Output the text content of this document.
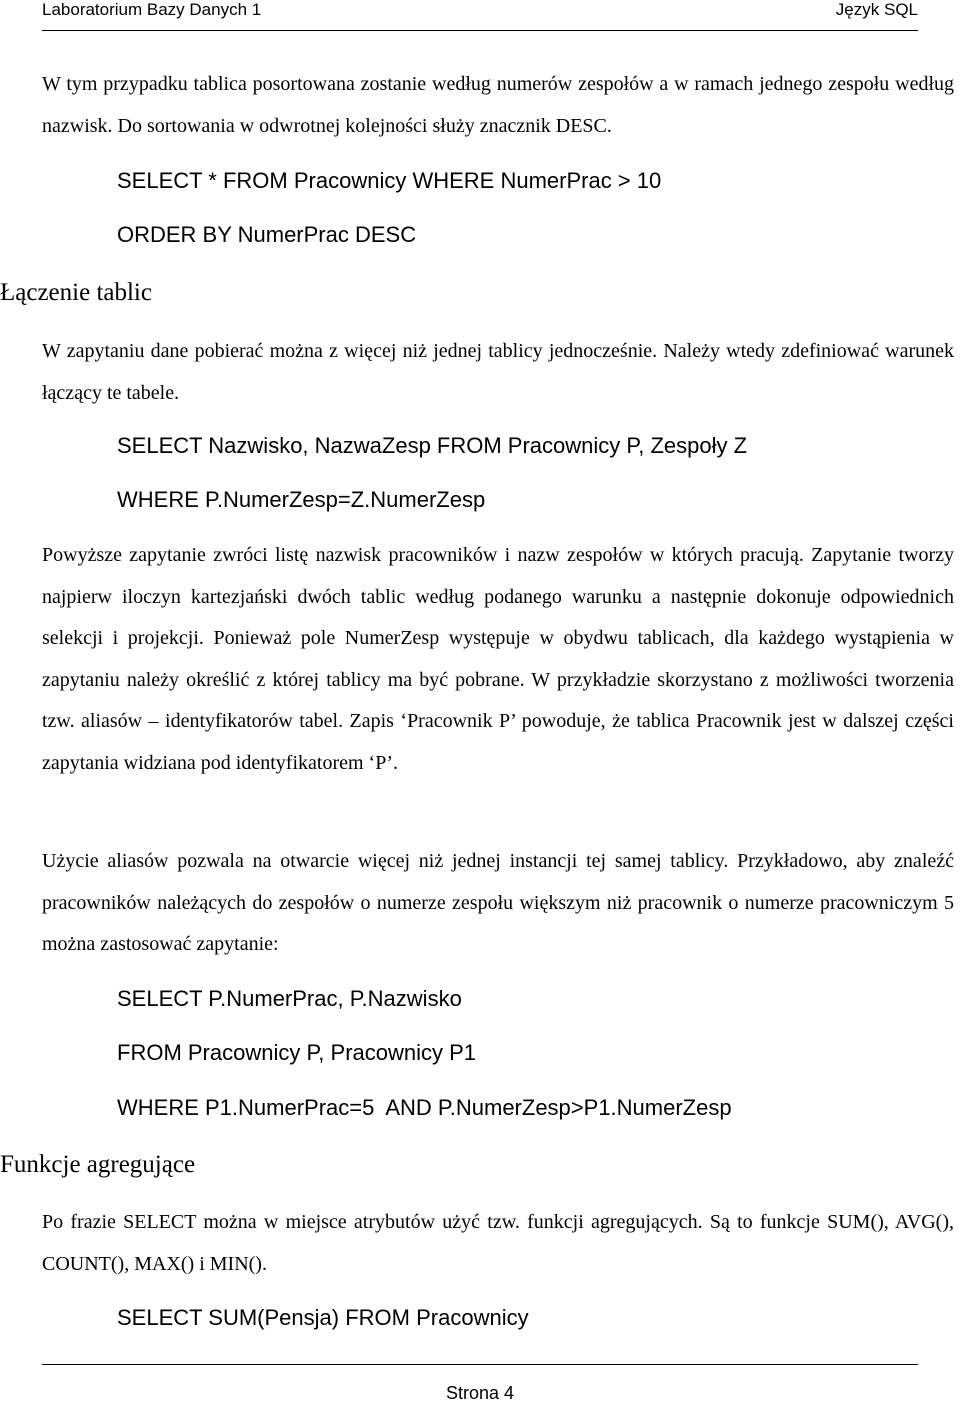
Laboratorium Bazy Danych 1	Język SQL

W tym przypadku tablica posortowana zostanie według numerów zespołów a w ramach jednego zespołu według nazwisk. Do sortowania w odwrotnej kolejności służy znacznik DESC.

SELECT * FROM Pracownicy WHERE NumerPrac > 10
ORDER BY NumerPrac DESC
Łączenie tablic

W zapytaniu dane pobierać można z więcej niż jednej tablicy jednocześnie. Należy wtedy zdefiniować warunek łączący te tabele.

SELECT Nazwisko, NazwaZesp FROM Pracownicy P, Zespoły Z
WHERE P.NumerZesp=Z.NumerZesp

Powyższe zapytanie zwróci listę nazwisk pracowników i nazw zespołów w których pracują. Zapytanie tworzy najpierw iloczyn kartezjański dwóch tablic według podanego warunku a następnie dokonuje odpowiednich selekcji i projekcji. Ponieważ pole NumerZesp występuje w obydwu tablicach, dla każdego wystąpienia w zapytaniu należy określić z której tablicy ma być pobrane. W przykładzie skorzystano z możliwości tworzenia tzw. aliasów – identyfikatorów tabel. Zapis ‘Pracownik P’ powoduje, że tablica Pracownik jest w dalszej części zapytania widziana pod identyfikatorem ‘P’.

Użycie aliasów pozwala na otwarcie więcej niż jednej instancji tej samej tablicy. Przykładowo, aby znaleźć pracowników należących do zespołów o numerze zespołu większym niż pracownik o numerze pracowniczym 5 można zastosować zapytanie:

SELECT P.NumerPrac, P.Nazwisko
FROM Pracownicy P, Pracownicy P1
WHERE P1.NumerPrac=5  AND P.NumerZesp>P1.NumerZesp
Funkcje agregujące

Po frazie SELECT można w miejsce atrybutów użyć tzw. funkcji agregujących. Są to funkcje SUM(), AVG(), COUNT(), MAX() i MIN().

SELECT SUM(Pensja) FROM Pracownicy
Strona 4
